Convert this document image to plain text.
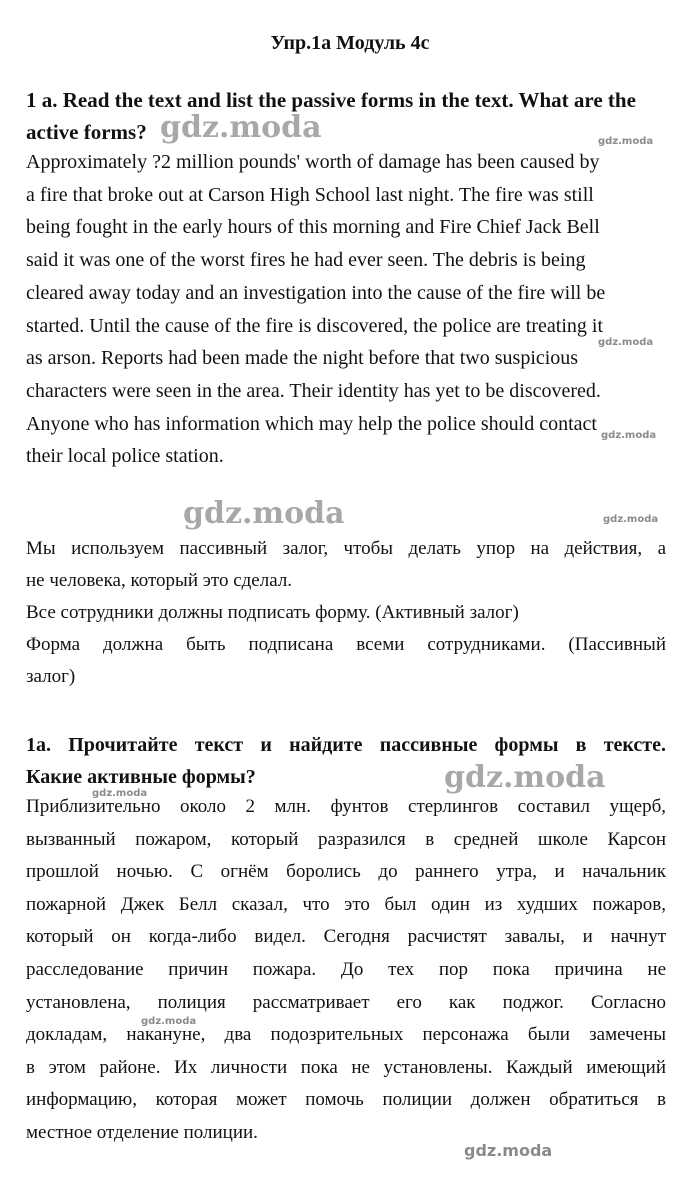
Упр.1а Модуль 4с
1 a. Read the text and list the passive forms in the text. What are the
active forms?
Approximately ?2 million pounds' worth of damage has been caused by
a fire that broke out at Carson High School last night. The fire was still
being fought in the early hours of this morning and Fire Chief Jack Bell
said it was one of the worst fires he had ever seen. The debris is being
cleared away today and an investigation into the cause of the fire will be
started. Until the cause of the fire is discovered, the police are treating it
as arson. Reports had been made the night before that two suspicious
characters were seen in the area. Their identity has yet to be discovered.
Anyone who has information which may help the police should contact
their local police station.
Мы используем пассивный залог, чтобы делать упор на действия, а
не человека, который это сделал.
Все сотрудники должны подписать форму. (Активный залог)
Форма должна быть подписана всеми сотрудниками. (Пассивный
залог)
1a. Прочитайте текст и найдите пассивные формы в тексте.
Какие активные формы?
Приблизительно около 2 млн. фунтов стерлингов составил ущерб,
вызванный пожаром, который разразился в средней школе Карсон
прошлой ночью. С огнём боролись до раннего утра, и начальник
пожарной Джек Белл сказал, что это был один из худших пожаров,
который он когда-либо видел. Сегодня расчистят завалы, и начнут
расследование причин пожара. До тех пор пока причина не
установлена, полиция рассматривает его как поджог. Согласно
докладам, накануне, два подозрительных персонажа были замечены
в этом районе. Их личности пока не установлены. Каждый имеющий
информацию, которая может помочь полиции должен обратиться в
местное отделение полиции.
gdz.moda	gdz.moda
gdz.moda
gdz.moda
gdz.moda	gdz.moda
gdz.moda
gdz.moda
gdz.moda
gdz.moda
